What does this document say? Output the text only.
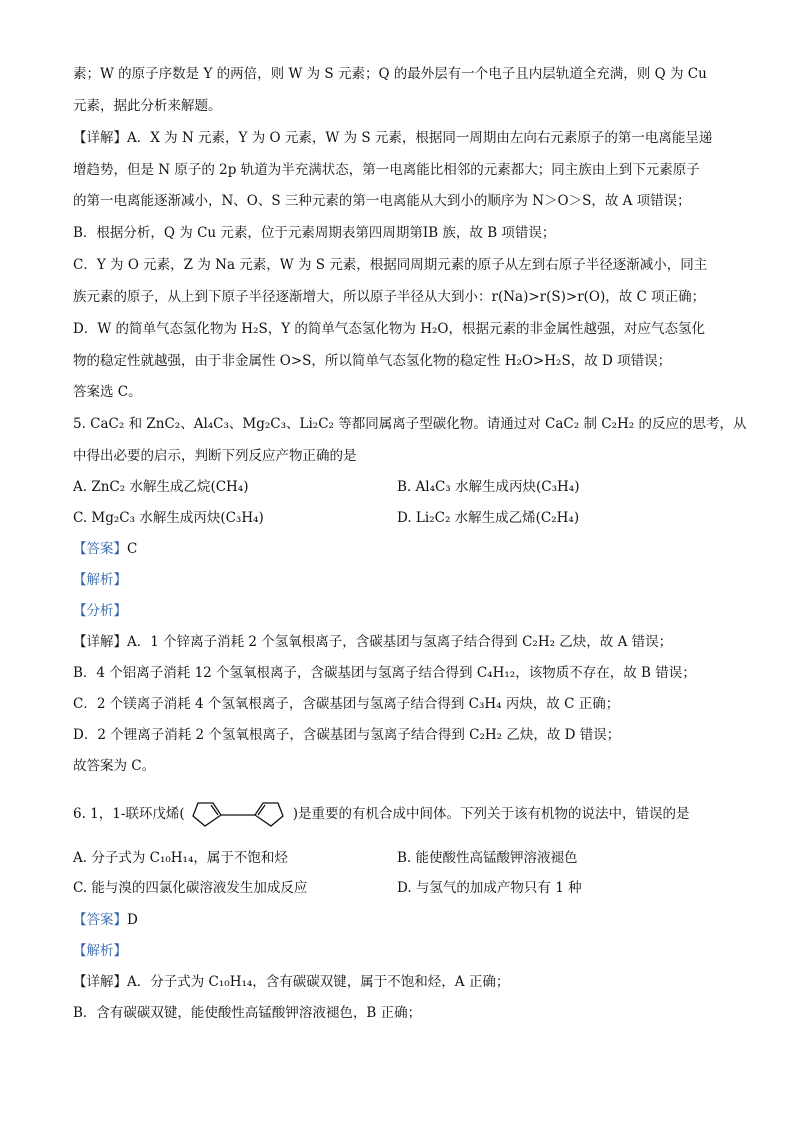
素；W 的原子序数是 Y 的两倍，则 W 为 S 元素；Q 的最外层有一个电子且内层轨道全充满，则 Q 为 Cu
元素，据此分析来解题。
【详解】A．X 为 N 元素，Y 为 O 元素，W 为 S 元素，根据同一周期由左向右元素原子的第一电离能呈递
增趋势，但是 N 原子的 2p 轨道为半充满状态，第一电离能比相邻的元素都大；同主族由上到下元素原子
的第一电离能逐渐减小，N、O、S 三种元素的第一电离能从大到小的顺序为 N＞O＞S，故 A 项错误；
B．根据分析，Q 为 Cu 元素，位于元素周期表第四周期第ⅠB 族，故 B 项错误；
C．Y 为 O 元素，Z 为 Na 元素，W 为 S 元素，根据同周期元素的原子从左到右原子半径逐渐减小，同主
族元素的原子，从上到下原子半径逐渐增大，所以原子半径从大到小：r(Na)>r(S)>r(O)，故 C 项正确；
D．W 的简单气态氢化物为 H₂S，Y 的简单气态氢化物为 H₂O，根据元素的非金属性越强，对应气态氢化
物的稳定性就越强，由于非金属性 O>S，所以简单气态氢化物的稳定性 H₂O>H₂S，故 D 项错误；
答案选 C。
5. CaC₂ 和 ZnC₂、Al₄C₃、Mg₂C₃、Li₂C₂ 等都同属离子型碳化物。请通过对 CaC₂ 制 C₂H₂ 的反应的思考，从
中得出必要的启示，判断下列反应产物正确的是
A. ZnC₂ 水解生成乙烷(CH₄)	B. Al₄C₃ 水解生成丙炔(C₃H₄)
C. Mg₂C₃ 水解生成丙炔(C₃H₄)	D. Li₂C₂ 水解生成乙烯(C₂H₄)
【答案】C
【解析】
【分析】
【详解】A．1 个锌离子消耗 2 个氢氧根离子，含碳基团与氢离子结合得到 C₂H₂ 乙炔，故 A 错误；
B．4 个铝离子消耗 12 个氢氧根离子，含碳基团与氢离子结合得到 C₄H₁₂，该物质不存在，故 B 错误；
C．2 个镁离子消耗 4 个氢氧根离子，含碳基团与氢离子结合得到 C₃H₄ 丙炔，故 C 正确；
D．2 个锂离子消耗 2 个氢氧根离子，含碳基团与氢离子结合得到 C₂H₂ 乙炔，故 D 错误；
故答案为 C。
6. 1，1-联环戊烯(	)是重要的有机合成中间体。下列关于该有机物的说法中，错误的是
A. 分子式为 C₁₀H₁₄，属于不饱和烃	B. 能使酸性高锰酸钾溶液褪色
C. 能与溴的四氯化碳溶液发生加成反应	D. 与氢气的加成产物只有 1 种
【答案】D
【解析】
【详解】A．分子式为 C₁₀H₁₄，含有碳碳双键，属于不饱和烃，A 正确；
B．含有碳碳双键，能使酸性高锰酸钾溶液褪色，B 正确；
